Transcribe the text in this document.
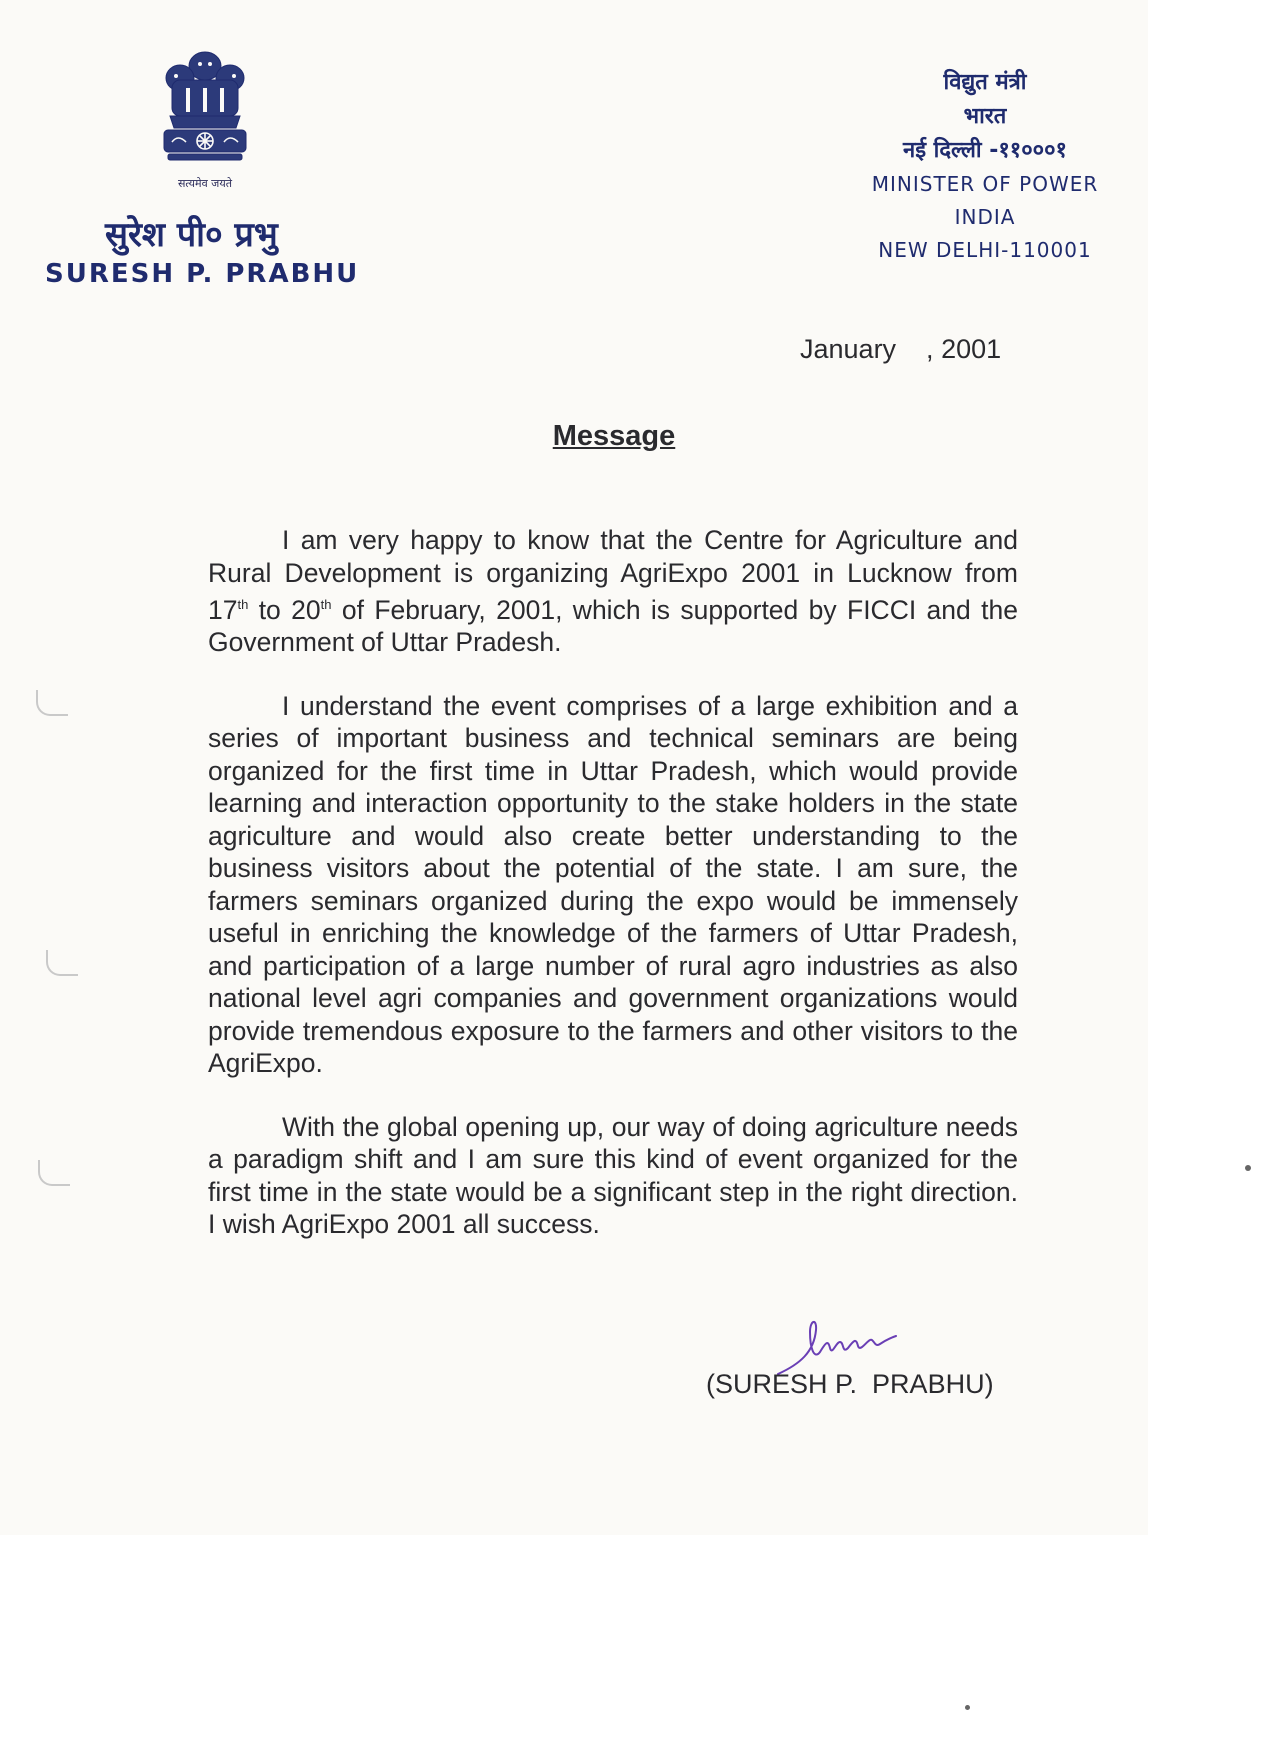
सत्यमेव जयते
सुरेश पी० प्रभु
SURESH P. PRABHU
विद्युत मंत्री
भारत
नई दिल्ली -११०००१
MINISTER OF POWER
INDIA
NEW DELHI-110001
January    , 2001
Message

I am very happy to know that the Centre for Agriculture and Rural Development is organizing AgriExpo 2001 in Lucknow from 17th to 20th of February, 2001, which is supported by FICCI and the Government of Uttar Pradesh.

I understand the event comprises of a large exhibition and a series of important business and technical seminars are being organized for the first time in Uttar Pradesh, which would provide learning and interaction opportunity to the stake holders in the state agriculture and would also create better understanding to the business visitors about the potential of the state. I am sure, the farmers seminars organized during the expo would be immensely useful in enriching the knowledge of the farmers of Uttar Pradesh, and participation of a large number of rural agro industries as also national level agri companies and government organizations would provide tremendous exposure to the farmers and other visitors to the AgriExpo.

With the global opening up, our way of doing agriculture needs a paradigm shift and I am sure this kind of event organized for the first time in the state would be a significant step in the right direction. I wish AgriExpo 2001 all success.

(SURESH P.  PRABHU)
